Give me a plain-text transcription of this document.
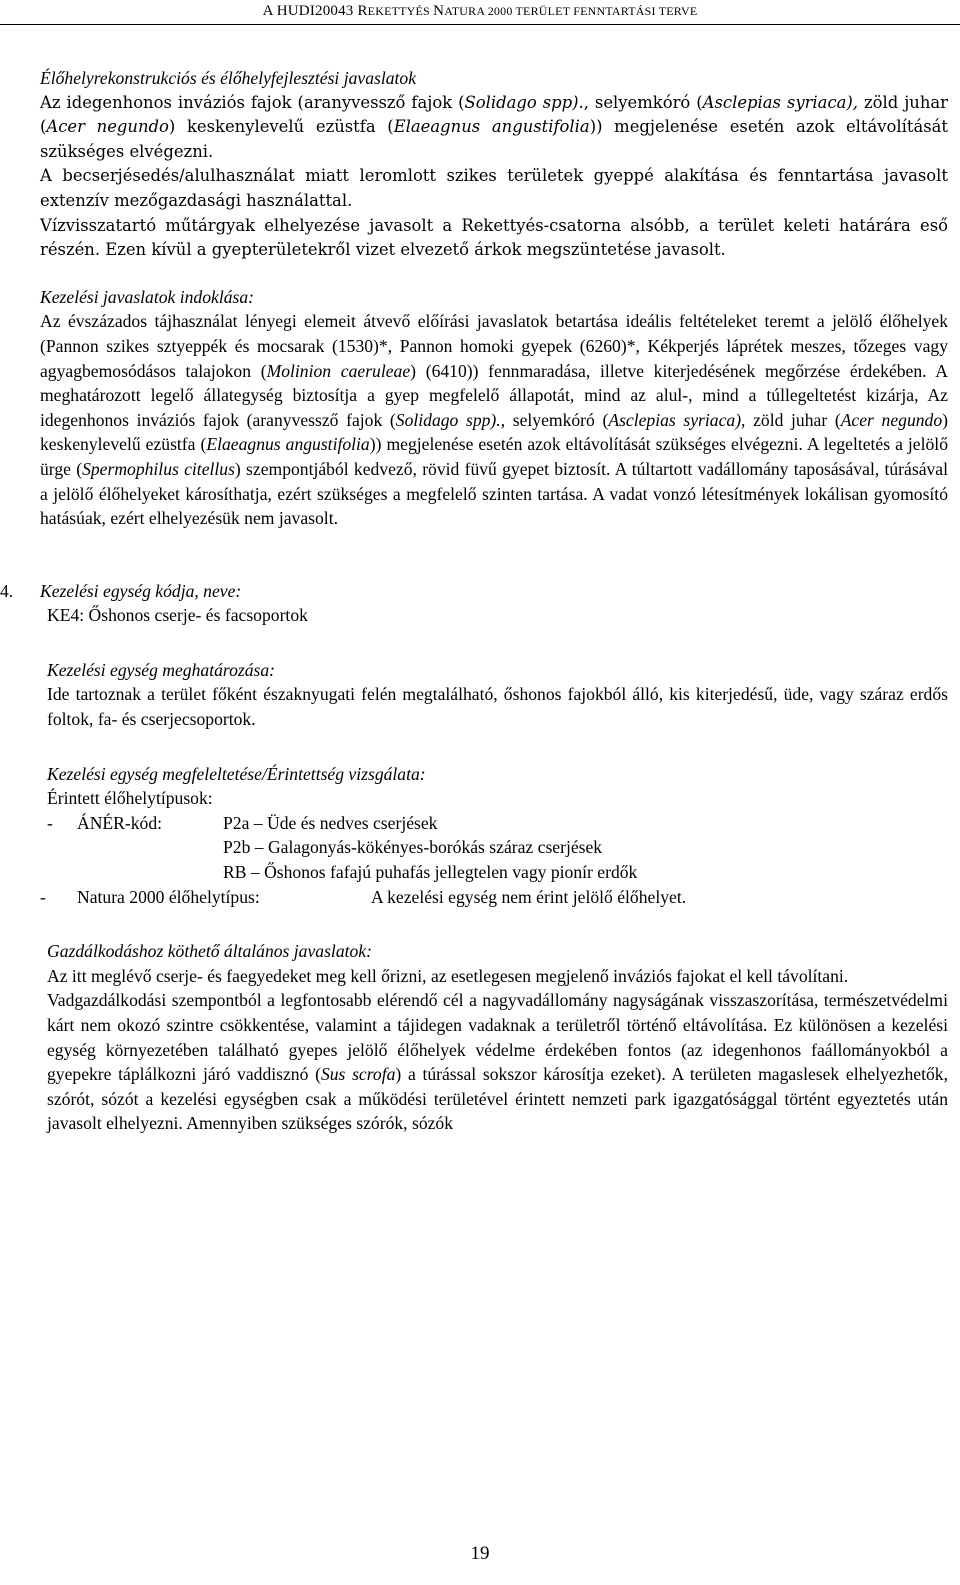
A HUDI20043 REKETTYÉS NATURA 2000 TERÜLET FENNTARTÁSI TERVE

Élőhelyrekonstrukciós és élőhelyfejlesztési javaslatok

Az idegenhonos inváziós fajok (aranyvessző fajok (Solidago spp)., selyemkóró (Asclepias syriaca), zöld juhar (Acer negundo) keskenylevelű ezüstfa (Elaeagnus angustifolia)) megjelenése esetén azok eltávolítását szükséges elvégezni.

A becserjésedés/alulhasználat miatt leromlott szikes területek gyeppé alakítása és fenntartása javasolt extenzív mezőgazdasági használattal.

Vízvisszatartó műtárgyak elhelyezése javasolt a Rekettyés-csatorna alsóbb, a terület keleti határára eső részén. Ezen kívül a gyepterületekről vizet elvezető árkok megszüntetése javasolt.

Kezelési javaslatok indoklása:

Az évszázados tájhasználat lényegi elemeit átvevő előírási javaslatok betartása ideális feltételeket teremt a jelölő élőhelyek (Pannon szikes sztyeppék és mocsarak (1530)*, Pannon homoki gyepek (6260)*, Kékperjés láprétek meszes, tőzeges vagy agyagbemosódásos talajokon (Molinion caeruleae) (6410)) fennmaradása, illetve kiterjedésének megőrzése érdekében. A meghatározott legelő állategység biztosítja a gyep megfelelő állapotát, mind az alul-, mind a túllegeltetést kizárja, Az idegenhonos inváziós fajok (aranyvessző fajok (Solidago spp)., selyemkóró (Asclepias syriaca), zöld juhar (Acer negundo) keskenylevelű ezüstfa (Elaeagnus angustifolia)) megjelenése esetén azok eltávolítását szükséges elvégezni. A legeltetés a jelölő ürge (Spermophilus citellus) szempontjából kedvező, rövid füvű gyepet biztosít. A túltartott vadállomány taposásával, túrásával a jelölő élőhelyeket károsíthatja, ezért szükséges a megfelelő szinten tartása. A vadat vonzó létesítmények lokálisan gyomosító hatásúak, ezért elhelyezésük nem javasolt.

4. Kezelési egység kódja, neve:

KE4: Őshonos cserje- és facsoportok

Kezelési egység meghatározása:

Ide tartoznak a terület főként északnyugati felén megtalálható, őshonos fajokból álló, kis kiterjedésű, üde, vagy száraz erdős foltok, fa- és cserjecsoportok.

Kezelési egység megfeleltetése/Érintettség vizsgálata:

Érintett élőhelytípusok:

- ÁNÉR-kód:	P2a – Üde és nedves cserjések

P2b – Galagonyás-kökényes-borókás száraz cserjések

RB – Őshonos fafajú puhafás jellegtelen vagy pionír erdők

- Natura 2000 élőhelytípus:	A kezelési egység nem érint jelölő élőhelyet.

Gazdálkodáshoz köthető általános javaslatok:

Az itt meglévő cserje- és faegyedeket meg kell őrizni, az esetlegesen megjelenő inváziós fajokat el kell távolítani.

Vadgazdálkodási szempontból a legfontosabb elérendő cél a nagyvadállomány nagyságának visszaszorítása, természetvédelmi kárt nem okozó szintre csökkentése, valamint a tájidegen vadaknak a területről történő eltávolítása. Ez különösen a kezelési egység környezetében található gyepes jelölő élőhelyek védelme érdekében fontos (az idegenhonos faállományokból a gyepekre táplálkozni járó vaddisznó (Sus scrofa) a túrással sokszor károsítja ezeket). A területen magaslesek elhelyezhetők, szórót, sózót a kezelési egységben csak a működési területével érintett nemzeti park igazgatósággal történt egyeztetés után javasolt elhelyezni. Amennyiben szükséges szórók, sózók

19
